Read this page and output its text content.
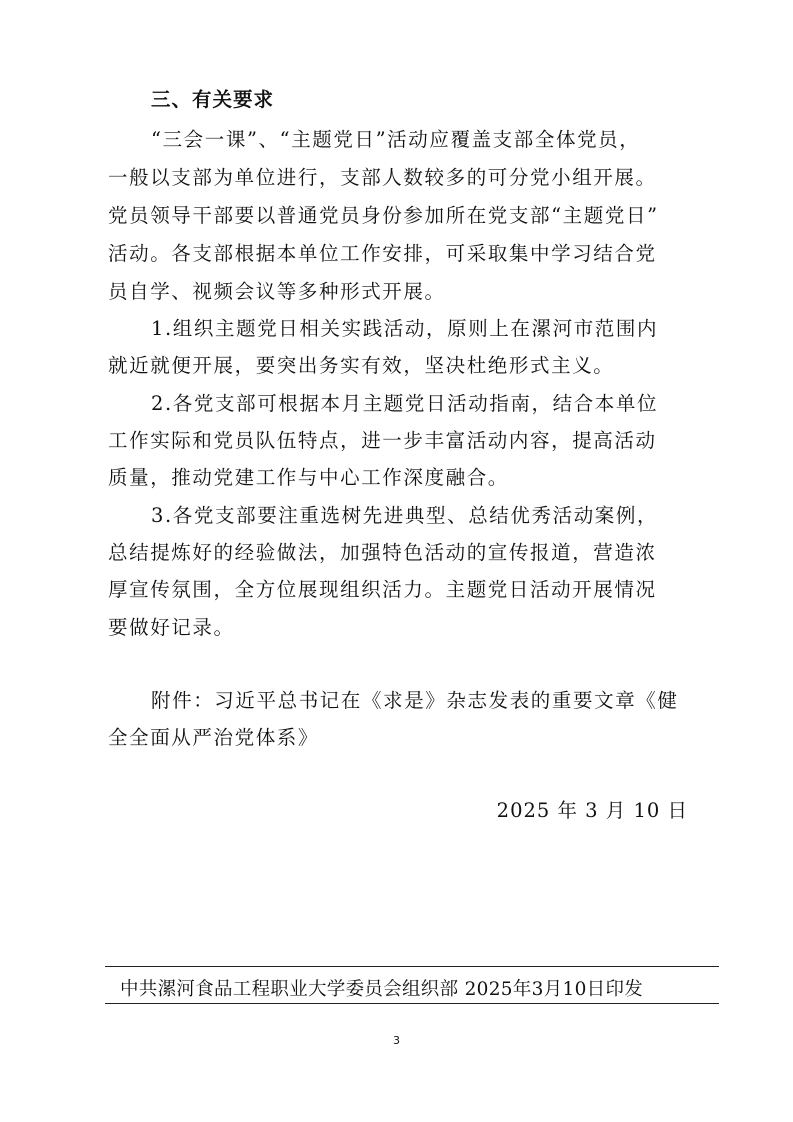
三、有关要求
“三会一课”、“主题党日”活动应覆盖支部全体党员，
一般以支部为单位进行，支部人数较多的可分党小组开展。
党员领导干部要以普通党员身份参加所在党支部“主题党日”
活动。各支部根据本单位工作安排，可采取集中学习结合党
员自学、视频会议等多种形式开展。
1.组织主题党日相关实践活动，原则上在漯河市范围内
就近就便开展，要突出务实有效，坚决杜绝形式主义。
2.各党支部可根据本月主题党日活动指南，结合本单位
工作实际和党员队伍特点，进一步丰富活动内容，提高活动
质量，推动党建工作与中心工作深度融合。
3.各党支部要注重选树先进典型、总结优秀活动案例，
总结提炼好的经验做法，加强特色活动的宣传报道，营造浓
厚宣传氛围，全方位展现组织活力。主题党日活动开展情况
要做好记录。
附件：习近平总书记在《求是》杂志发表的重要文章《健
全全面从严治党体系》
2025 年 3 月 10 日
中共漯河食品工程职业大学委员会组织部 2025年3月10日印发
3
